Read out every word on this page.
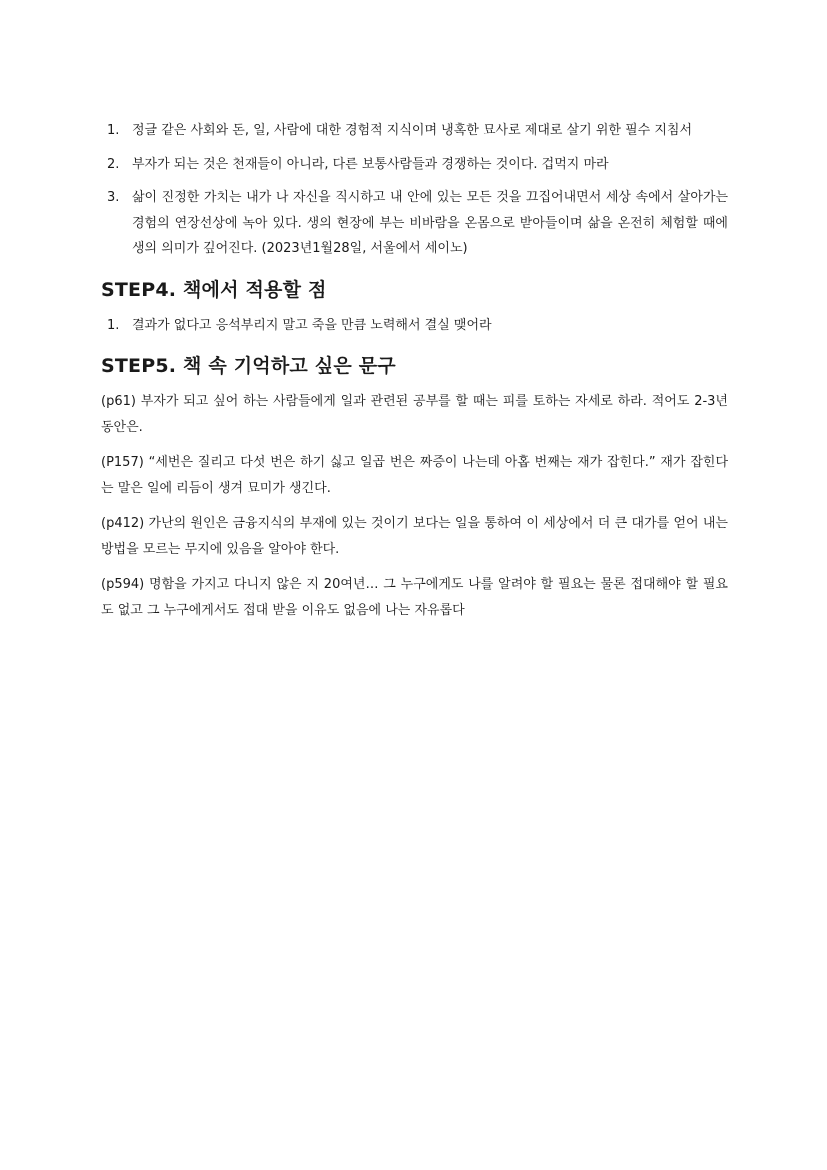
1. 정글 같은 사회와 돈, 일, 사람에 대한 경험적 지식이며 냉혹한 묘사로 제대로 살기 위한 필수 지침서
2. 부자가 되는 것은 천재들이 아니라, 다른 보통사람들과 경쟁하는 것이다. 겁먹지 마라
3. 삶이 진정한 가치는 내가 나 자신을 직시하고 내 안에 있는 모든 것을 끄집어내면서 세상 속에서 살아가는 경험의 연장선상에 녹아 있다. 생의 현장에 부는 비바람을 온몸으로 받아들이며 삶을 온전히 체험할 때에 생의 의미가 깊어진다. (2023년1월28일, 서울에서 세이노)
STEP4. 책에서 적용할 점
1. 결과가 없다고 응석부리지 말고 죽을 만큼 노력해서 결실 맺어라
STEP5. 책 속 기억하고 싶은 문구

(p61) 부자가 되고 싶어 하는 사람들에게 일과 관련된 공부를 할 때는 피를 토하는 자세로 하라. 적어도 2-3년 동안은.

(P157) “세번은 질리고 다섯 번은 하기 싫고 일곱 번은 짜증이 나는데 아홉 번째는 재가 잡힌다.” 재가 잡힌다는 말은 일에 리듬이 생겨 묘미가 생긴다.

(p412) 가난의 원인은 금융지식의 부재에 있는 것이기 보다는 일을 통하여 이 세상에서 더 큰 대가를 얻어 내는 방법을 모르는 무지에 있음을 알아야 한다.

(p594) 명함을 가지고 다니지 않은 지 20여년… 그 누구에게도 나를 알려야 할 필요는 물론 접대해야 할 필요도 없고 그 누구에게서도 접대 받을 이유도 없음에 나는 자유롭다
